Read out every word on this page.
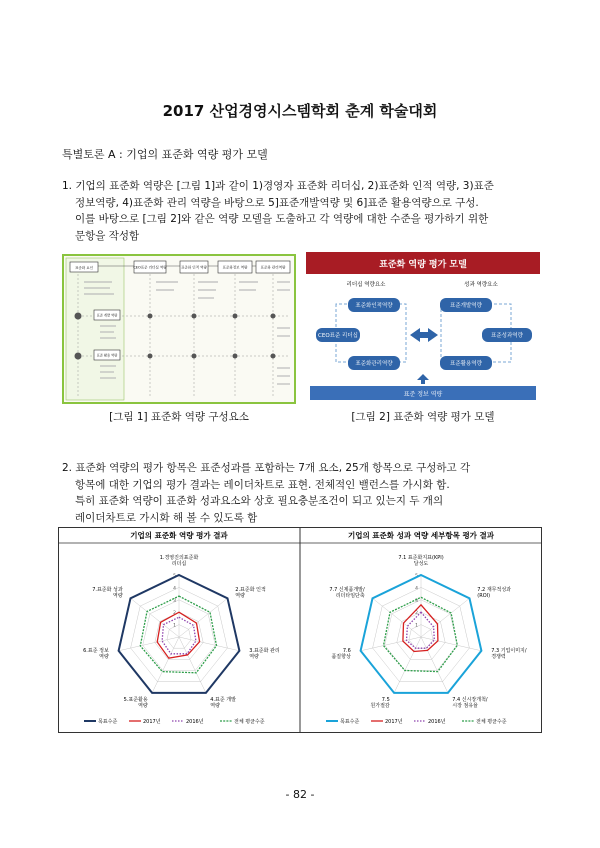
2017 산업경영시스템학회 춘계 학술대회
특별토론 A : 기업의 표준화 역량 평가 모델
1. 기업의 표준화 역량은 [그림 1]과 같이 1)경영자 표준화 리더십, 2)표준화 인적 역량, 3)표준
정보역량, 4)표준화 관리 역량을 바탕으로 5]표준개발역량 및 6]표준 활용역량으로 구성.
이를 바탕으로 [그림 2]와 같은 역량 모델을 도출하고 각 역량에 대한 수준을 평가하기 위한
문항을 작성함
표준화 요인	CEO표준 리더십 역량	표준화 인적 역량	표준화정보 역량	표준화 관리역량
표준 개발 역량
표준 활용 역량
[그림 1] 표준화 역량 구성요소
표준화 역량 평가 모델
리더십 역량요소	성과 역량요소
표준화인적역량
CEO표준 리더십
표준화관리역량
표준개발역량
표준성과역량
표준활용역량
표준 정보 역량
[그림 2] 표준화 역량 평가 모델
2. 표준화 역량의 평가 항목은 표준성과를 포함하는 7개 요소, 25개 항목으로 구성하고 각
항목에 대한 기업의 평가 결과는 레이더차트로 표현. 전체적인 밸런스를 가시화 함.
특히 표준화 역량이 표준화 성과요소와 상호 필요충분조건이 되고 있는지 두 개의
레이더차트로 가시화 해 볼 수 있도록 함
기업의 표준화 역량 평가 결과
1
2
3
4
5
1.경영진의표준화 리더십
2.표준화 인적 역량
3.표준화 관리 역량
4.표준 개발 역량
5.표준활용 역량
6.표준 정보 역량
7.표준화 성과 역량
목표수준	2017년	2016년	전체 평균수준
기업의 표준화 성과 역량 세부항목 평가 결과
1
2
3
4
5
7.1 표준화지표(KPI) 달성도
7.2 재무적성과 (ROI)
7.3 기업이미지/ 경쟁력
7.4 신시장개척/ 시장 점유율
7.5 원가절감
7.6 품질향상
7.7 신제품개발/ 리더타임단축
목표수준	2017년	2016년	전체 평균수준
- 82 -
